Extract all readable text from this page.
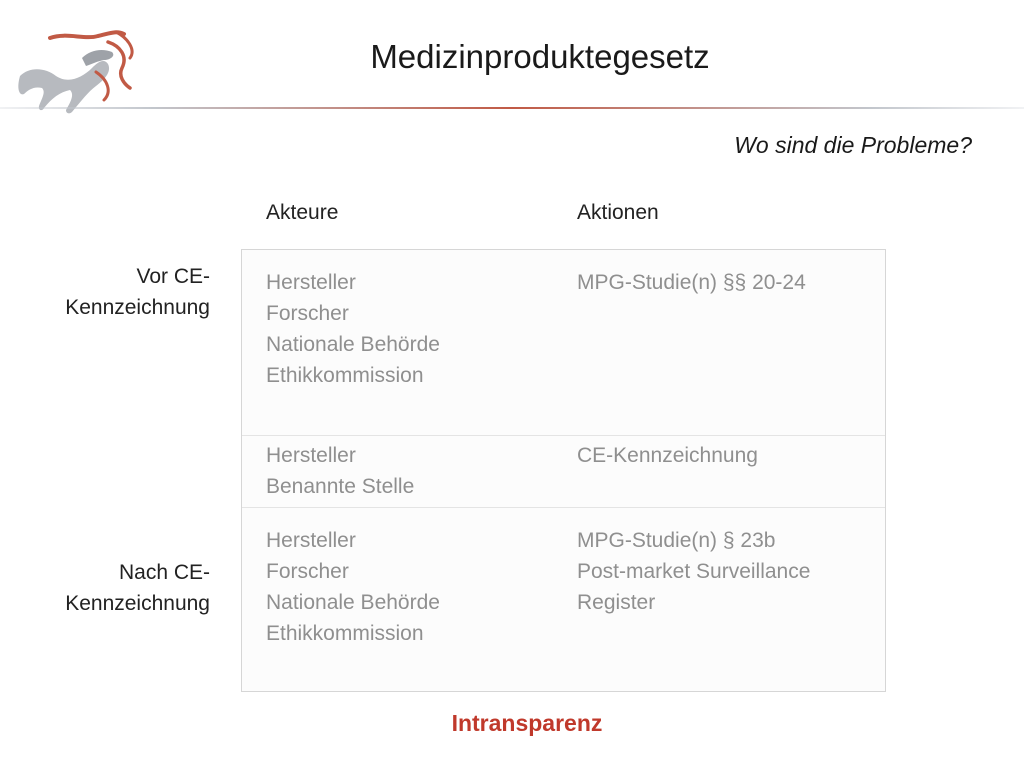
Medizinproduktegesetz
Wo sind die Probleme?
Akteure	Aktionen
Vor CE-
Kennzeichnung
Nach CE-
Kennzeichnung
Hersteller
Forscher
Nationale Behörde
Ethikkommission
MPG-Studie(n) §§ 20-24
Hersteller
Benannte Stelle
CE-Kennzeichnung
Hersteller
Forscher
Nationale Behörde
Ethikkommission
MPG-Studie(n) § 23b
Post-market Surveillance
Register
Intransparenz
